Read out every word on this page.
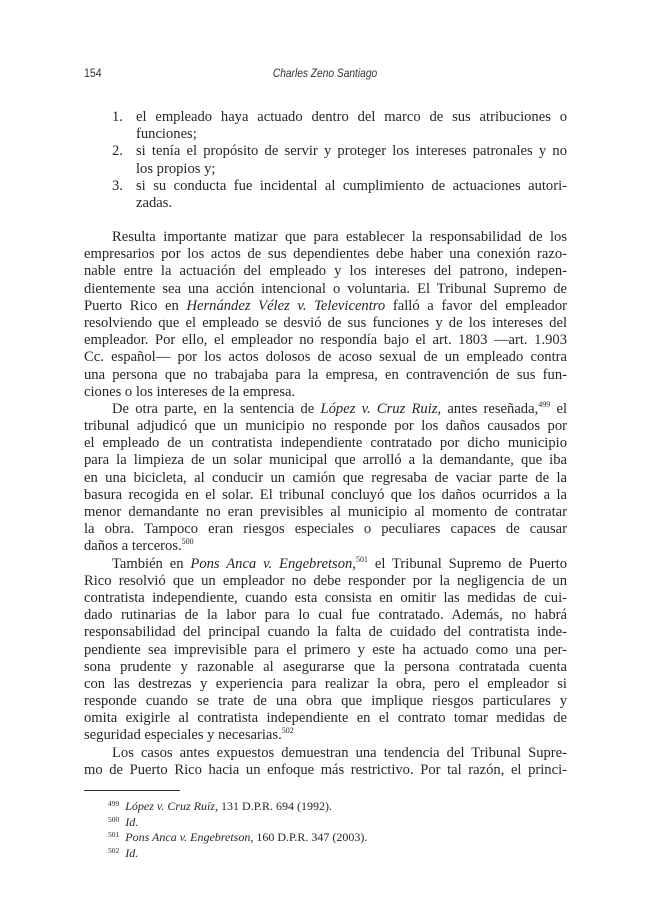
154	Charles Zeno Santiago
1. el empleado haya actuado dentro del marco de sus atribuciones o
funciones;
2. si tenía el propósito de servir y proteger los intereses patronales y no
los propios y;
3. si su conducta fue incidental al cumplimiento de actuaciones autori-
zadas.
Resulta importante matizar que para establecer la responsabilidad de los
empresarios por los actos de sus dependientes debe haber una conexión razo-
nable entre la actuación del empleado y los intereses del patrono, indepen-
dientemente sea una acción intencional o voluntaria. El Tribunal Supremo de
Puerto Rico en Hernández Vélez v. Televicentro falló a favor del empleador
resolviendo que el empleado se desvió de sus funciones y de los intereses del
empleador. Por ello, el empleador no respondía bajo el art. 1803 —art. 1.903
Cc. español— por los actos dolosos de acoso sexual de un empleado contra
una persona que no trabajaba para la empresa, en contravención de sus fun-
ciones o los intereses de la empresa.
De otra parte, en la sentencia de López v. Cruz Ruiz, antes reseñada,$^{499}$ el
tribunal adjudicó que un municipio no responde por los daños causados por
el empleado de un contratista independiente contratado por dicho municipio
para la limpieza de un solar municipal que arrolló a la demandante, que iba
en una bicicleta, al conducir un camión que regresaba de vaciar parte de la
basura recogida en el solar. El tribunal concluyó que los daños ocurridos a la
menor demandante no eran previsibles al municipio al momento de contratar
la obra. Tampoco eran riesgos especiales o peculiares capaces de causar
daños a terceros.$^{500}$
También en Pons Anca v. Engebretson,$^{501}$ el Tribunal Supremo de Puerto
Rico resolvió que un empleador no debe responder por la negligencia de un
contratista independiente, cuando esta consista en omitir las medidas de cui-
dado rutinarias de la labor para lo cual fue contratado. Además, no habrá
responsabilidad del principal cuando la falta de cuidado del contratista inde-
pendiente sea imprevisible para el primero y este ha actuado como una per-
sona prudente y razonable al asegurarse que la persona contratada cuenta
con las destrezas y experiencia para realizar la obra, pero el empleador si
responde cuando se trate de una obra que implique riesgos particulares y
omita exigirle al contratista independiente en el contrato tomar medidas de
seguridad especiales y necesarias.$^{502}$
Los casos antes expuestos demuestran una tendencia del Tribunal Supre-
mo de Puerto Rico hacia un enfoque más restrictivo. Por tal razón, el princi-
$^{499}$ López v. Cruz Ruíz, 131 D.P.R. 694 (1992).
$^{500}$ Id.
$^{501}$ Pons Anca v. Engebretson, 160 D.P.R. 347 (2003).
$^{502}$ Id.
